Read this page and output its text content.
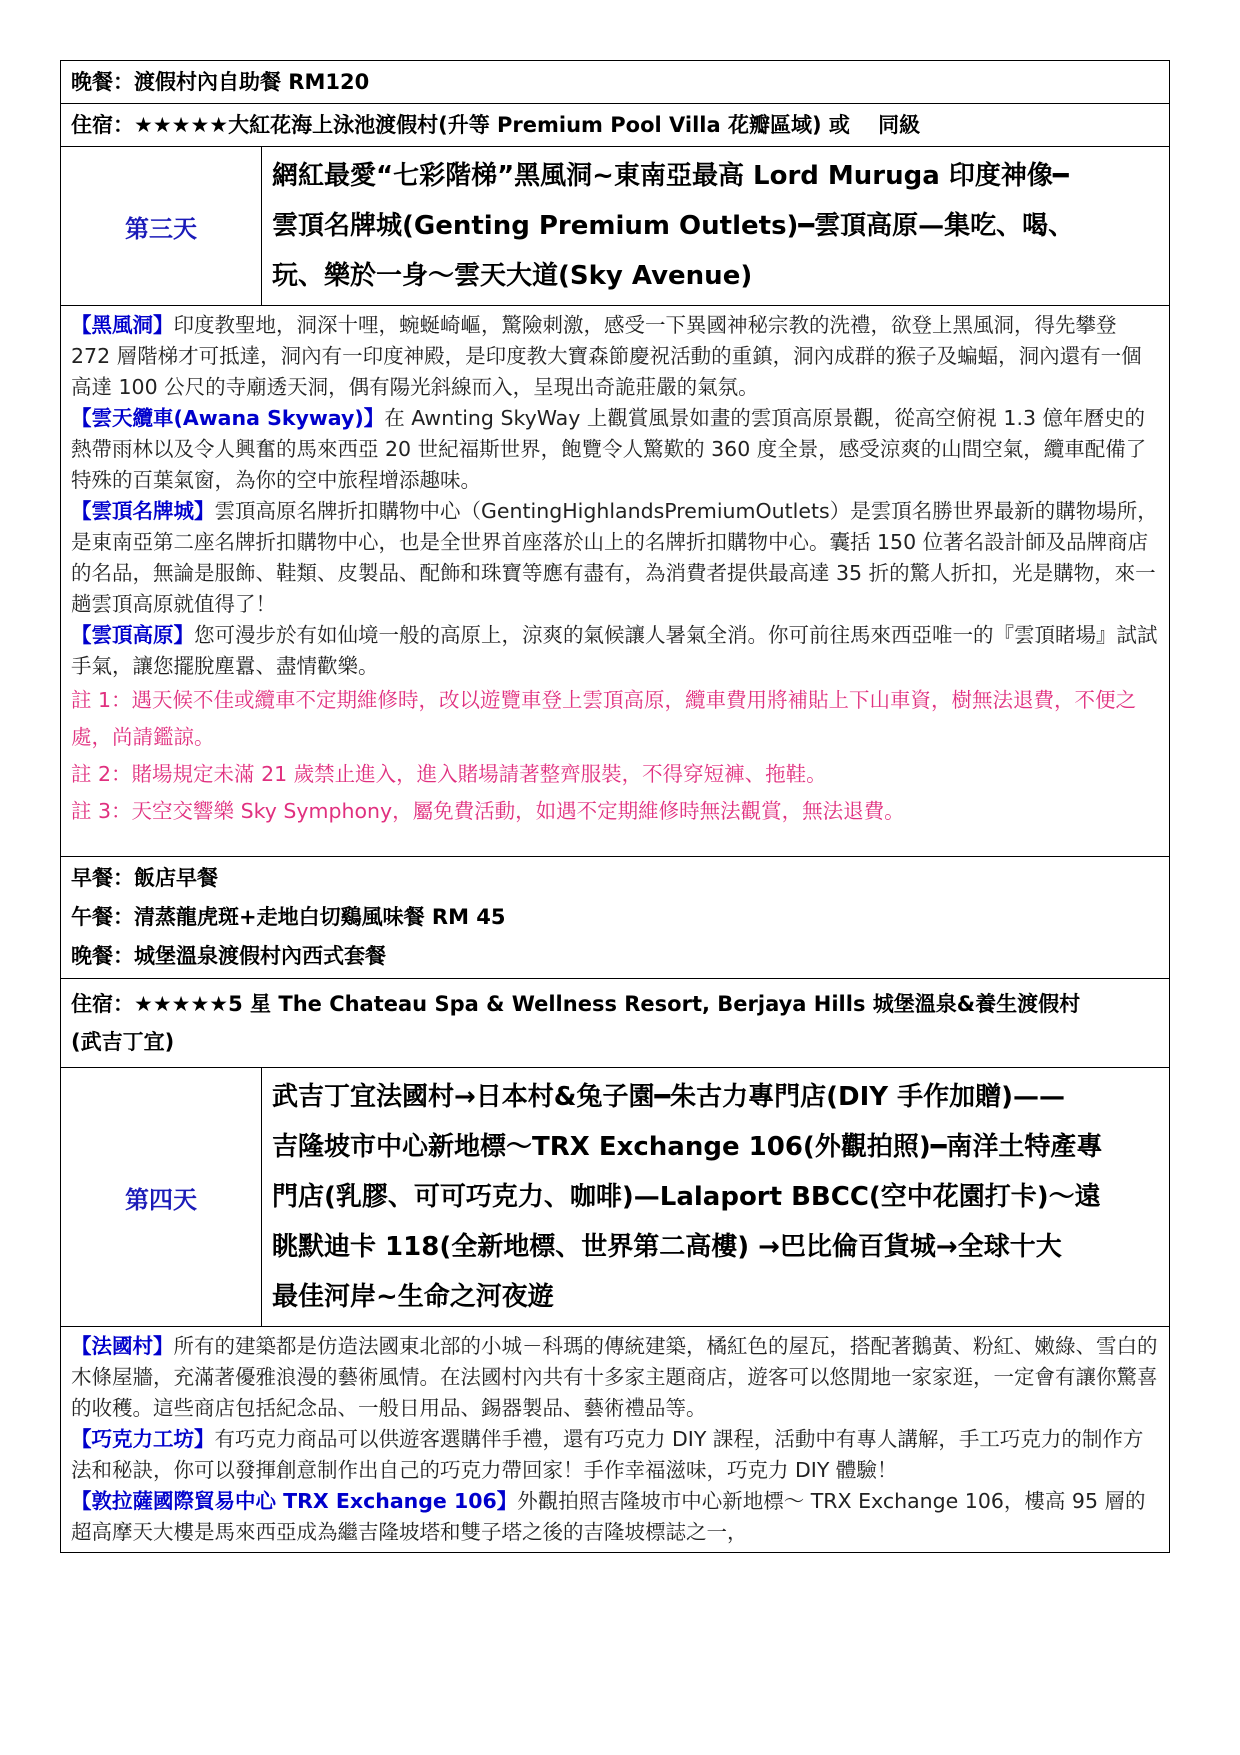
晚餐：渡假村內自助餐 RM120
住宿：★★★★★大紅花海上泳池渡假村(升等 Premium Pool Villa 花瓣區域) 或　 同級
第三天
網紅最愛“七彩階梯”黑風洞~東南亞最高 Lord Muruga 印度神像━
雲頂名牌城(Genting Premium Outlets)━雲頂高原—集吃、喝、
玩、樂於一身～雲天大道(Sky Avenue)

【黑風洞】印度教聖地，洞深十哩，蜿蜒崎嶇，驚險刺激，感受一下異國神秘宗教的洗禮，欲登上黑風洞，得先攀登 272 層階梯才可抵達，洞內有一印度神殿，是印度教大寶森節慶祝活動的重鎮，洞內成群的猴子及蝙蝠，洞內還有一個高達 100 公尺的寺廟透天洞，偶有陽光斜線而入，呈現出奇詭莊嚴的氣氛。

【雲天纜車(Awana Skyway)】在 Awnting SkyWay 上觀賞風景如畫的雲頂高原景觀，從高空俯視 1.3 億年曆史的熱帶雨林以及令人興奮的馬來西亞 20 世紀福斯世界，飽覽令人驚歎的 360 度全景，感受涼爽的山間空氣，纜車配備了特殊的百葉氣窗，為你的空中旅程增添趣味。

【雲頂名牌城】雲頂高原名牌折扣購物中心（GentingHighlandsPremiumOutlets）是雲頂名勝世界最新的購物場所，是東南亞第二座名牌折扣購物中心，也是全世界首座落於山上的名牌折扣購物中心。囊括 150 位著名設計師及品牌商店的名品，無論是服飾、鞋類、皮製品、配飾和珠寶等應有盡有，為消費者提供最高達 35 折的驚人折扣，光是購物，來一趟雲頂高原就值得了！

【雲頂高原】您可漫步於有如仙境一般的高原上，涼爽的氣候讓人暑氣全消。你可前往馬來西亞唯一的『雲頂睹場』試試手氣，讓您擺脫塵囂、盡情歡樂。

註 1：遇天候不佳或纜車不定期維修時，改以遊覽車登上雲頂高原，纜車費用將補貼上下山車資，樹無法退費，不便之處，尚請鑑諒。

註 2：賭場規定未滿 21 歲禁止進入，進入賭場請著整齊服裝，不得穿短褲、拖鞋。

註 3：天空交響樂 Sky Symphony，屬免費活動，如遇不定期維修時無法觀賞，無法退費。

早餐：飯店早餐
午餐：清蒸龍虎斑+走地白切鷄風味餐 RM 45
晚餐：城堡溫泉渡假村內西式套餐
住宿：★★★★★5 星 The Chateau Spa & Wellness Resort, Berjaya Hills 城堡溫泉&養生渡假村
(武吉丁宜)
第四天
武吉丁宜法國村→日本村&兔子園━朱古力專門店(DIY 手作加贈)——
吉隆坡市中心新地標～TRX Exchange 106(外觀拍照)━南洋土特產專
門店(乳膠、可可巧克力、咖啡)—Lalaport BBCC(空中花園打卡)～遠
眺默迪卡 118(全新地標、世界第二高樓) →巴比倫百貨城→全球十大
最佳河岸~生命之河夜遊

【法國村】所有的建築都是仿造法國東北部的小城－科瑪的傳統建築，橘紅色的屋瓦，搭配著鵝黃、粉紅、嫩綠、雪白的木條屋牆，充滿著優雅浪漫的藝術風情。在法國村內共有十多家主題商店，遊客可以悠閒地一家家逛，一定會有讓你驚喜的收穫。這些商店包括紀念品、一般日用品、錫器製品、藝術禮品等。

【巧克力工坊】有巧克力商品可以供遊客選購伴手禮，還有巧克力 DIY 課程，活動中有專人講解，手工巧克力的制作方法和秘訣，你可以發揮創意制作出自己的巧克力帶回家！手作幸福滋味，巧克力 DIY 體驗！

【敦拉薩國際貿易中心 TRX Exchange 106】外觀拍照吉隆坡市中心新地標～ TRX Exchange 106，樓高 95 層的超高摩天大樓是馬來西亞成為繼吉隆坡塔和雙子塔之後的吉隆坡標誌之一，
